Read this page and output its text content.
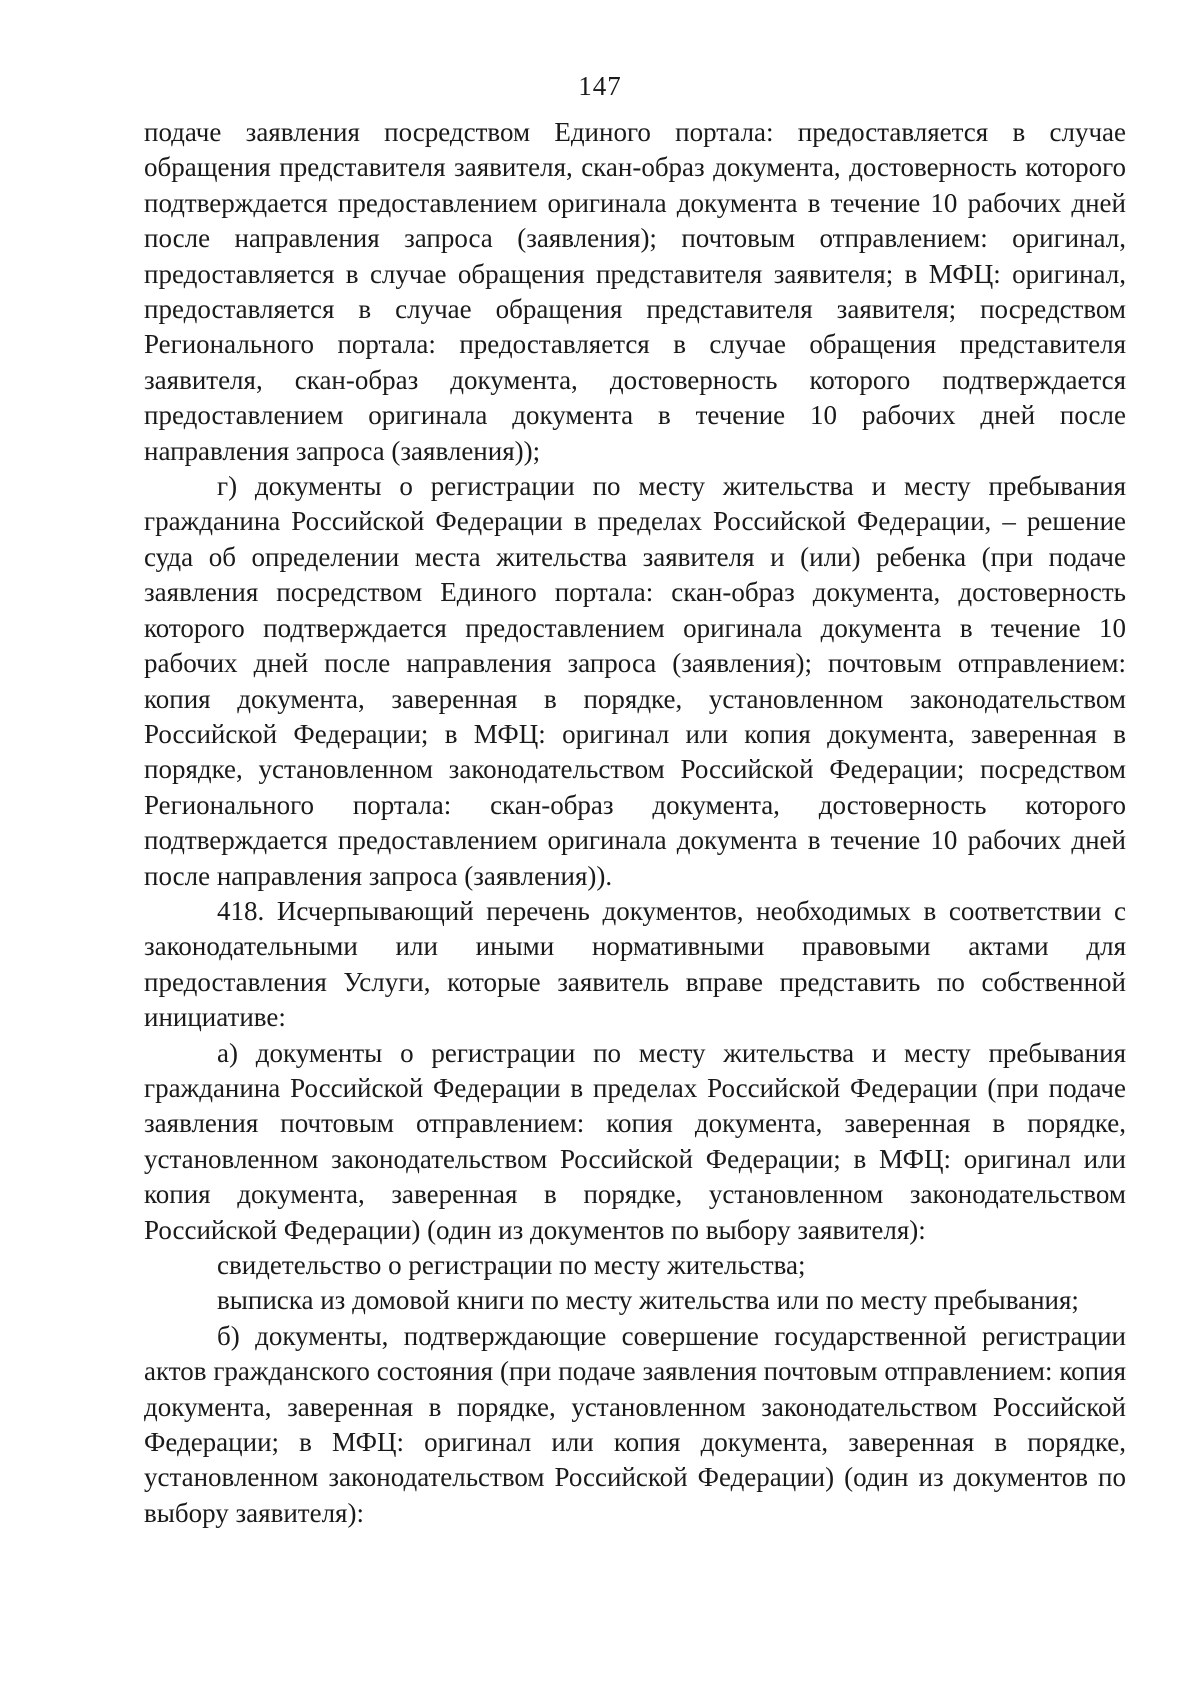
147

подаче заявления посредством Единого портала: предоставляется в случае обращения представителя заявителя, скан-образ документа, достоверность которого подтверждается предоставлением оригинала документа в течение 10 рабочих дней после направления запроса (заявления); почтовым отправлением: оригинал, предоставляется в случае обращения представителя заявителя; в МФЦ: оригинал, предоставляется в случае обращения представителя заявителя; посредством Регионального портала: предоставляется в случае обращения представителя заявителя, скан-образ документа, достоверность которого подтверждается предоставлением оригинала документа в течение 10 рабочих дней после направления запроса (заявления));

г) документы о регистрации по месту жительства и месту пребывания гражданина Российской Федерации в пределах Российской Федерации, – решение суда об определении места жительства заявителя и (или) ребенка (при подаче заявления посредством Единого портала: скан-образ документа, достоверность которого подтверждается предоставлением оригинала документа в течение 10 рабочих дней после направления запроса (заявления); почтовым отправлением: копия документа, заверенная в порядке, установленном законодательством Российской Федерации; в МФЦ: оригинал или копия документа, заверенная в порядке, установленном законодательством Российской Федерации; посредством Регионального портала: скан-образ документа, достоверность которого подтверждается предоставлением оригинала документа в течение 10 рабочих дней после направления запроса (заявления)).

418. Исчерпывающий перечень документов, необходимых в соответствии с законодательными или иными нормативными правовыми актами для предоставления Услуги, которые заявитель вправе представить по собственной инициативе:

а) документы о регистрации по месту жительства и месту пребывания гражданина Российской Федерации в пределах Российской Федерации (при подаче заявления почтовым отправлением: копия документа, заверенная в порядке, установленном законодательством Российской Федерации; в МФЦ: оригинал или копия документа, заверенная в порядке, установленном законодательством Российской Федерации) (один из документов по выбору заявителя):

свидетельство о регистрации по месту жительства;

выписка из домовой книги по месту жительства или по месту пребывания;

б) документы, подтверждающие совершение государственной регистрации актов гражданского состояния (при подаче заявления почтовым отправлением: копия документа, заверенная в порядке, установленном законодательством Российской Федерации; в МФЦ: оригинал или копия документа, заверенная в порядке, установленном законодательством Российской Федерации) (один из документов по выбору заявителя):
